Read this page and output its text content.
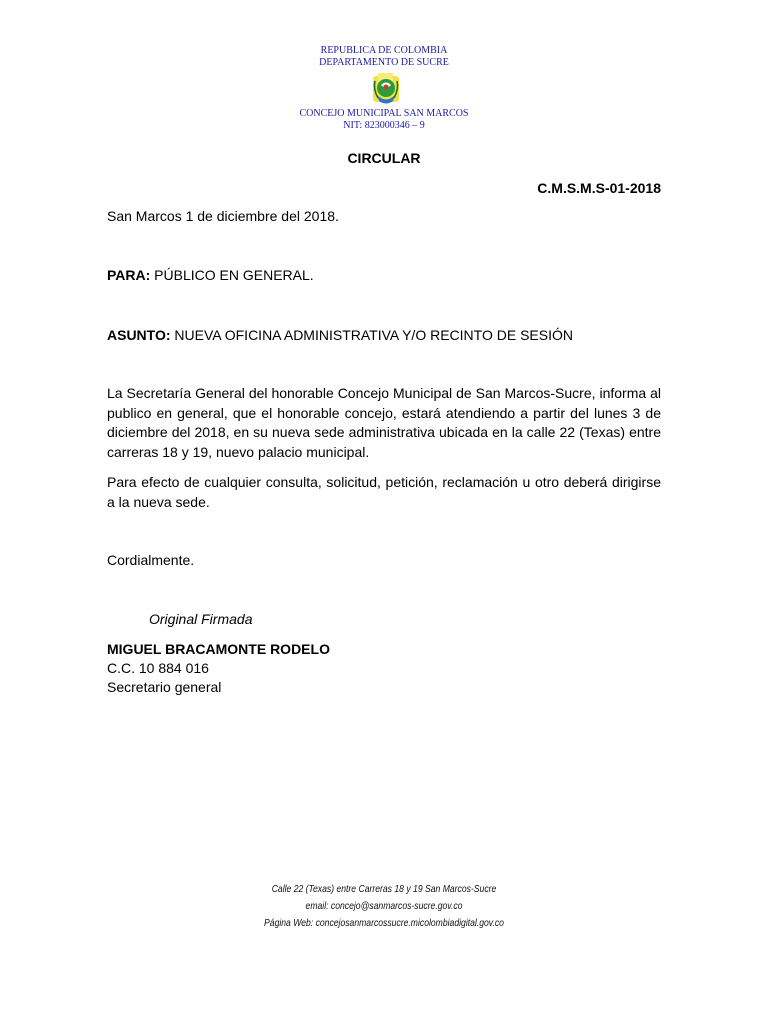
REPUBLICA DE COLOMBIA
DEPARTAMENTO DE SUCRE
CONCEJO MUNICIPAL SAN MARCOS
NIT: 823000346 – 9
CIRCULAR
C.M.S.M.S-01-2018
San Marcos 1 de diciembre del 2018.
PARA: PÚBLICO EN GENERAL.
ASUNTO: NUEVA OFICINA ADMINISTRATIVA Y/O RECINTO DE SESIÓN
La Secretaría General del honorable Concejo Municipal de San Marcos-Sucre, informa al publico en general, que el honorable concejo, estará atendiendo a partir del lunes 3 de diciembre del 2018, en su nueva sede administrativa ubicada en la calle 22 (Texas) entre carreras 18 y 19, nuevo palacio municipal.
Para efecto de cualquier consulta, solicitud, petición, reclamación u otro deberá dirigirse a la nueva sede.
Cordialmente.
Original Firmada
MIGUEL BRACAMONTE RODELO
C.C. 10 884 016
Secretario general
Calle 22 (Texas) entre Carreras 18 y 19 San Marcos-Sucre
email: concejo@sanmarcos-sucre.gov.co
Página Web: concejosanmarcossucre.micolombiadigital.gov.co
